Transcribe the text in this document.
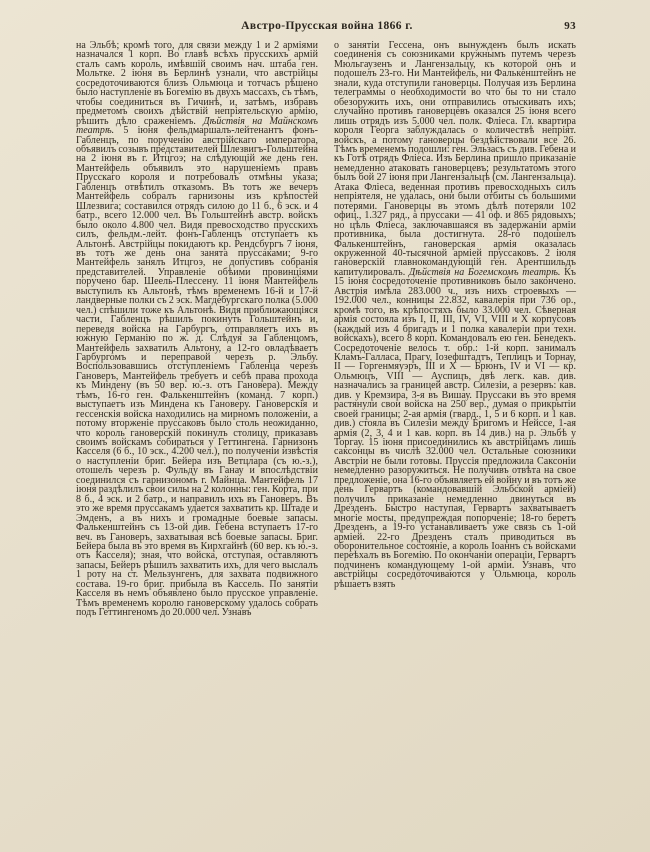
Австро-Прусская война 1866 г.	93
на Эльбѣ; кромѣ того, для связи между 1 и 2 арміями назначался 1 корп. Во главѣ всѣхъ прусскихъ армій сталъ самъ король, имѣвшій своимъ нач. штаба ген. Мольтке. 2 іюня въ Берлинѣ узнали, что австрійцы сосредоточиваются близъ Ольмюца и тотчасъ рѣшено было наступленіе въ Богемію въ двухъ массахъ, съ тѣмъ, чтобы соединиться въ Гичинѣ, и, затѣмъ, избравъ предметомъ своихъ дѣйствій непріятельскую армію, рѣшить дѣло сраженіемъ. Дѣйствія на Майнскомъ театрѣ. 5 іюня фельдмаршалъ-лейтенантъ фонъ-Габленцъ, по порученію австрійскаго императора, объявилъ созывъ представителей Шлезвигъ-Гольштейна на 2 іюня въ г. Итцгоэ; на слѣдующій же день ген. Мантейфель объявилъ это нарушеніемъ правъ Прусскаго короля и потребовалъ отмѣны указа; Габленцъ отвѣтилъ отказомъ. Въ тотъ же вечеръ Мантейфель собралъ гарнизоны изъ крѣпостей Шлезвига; составился отрядъ силою до 11 б., 6 эск. и 4 батр., всего 12.000 чел. Въ Гольштейнѣ австр. войскъ было около 4.800 чел. Видя превосходство прусскихъ силъ, фельдм.-лейт. фонъ-Габленцъ отступаетъ къ Альтонѣ. Австрійцы покидаютъ кр. Рендсбургъ 7 іюня, въ тотъ же день она занята пруссаками; 9-го Мантейфель занялъ Итцгоэ, не допустивъ собранія представителей. Управленіе обѣими провинціями поручено бар. Шеель-Плессену. 11 іюня Мантейфель выступилъ къ Альтонѣ, тѣмъ временемъ 16-й и 17-й ландверные полки съ 2 эск. Магдебургскаго полка (5.000 чел.) спѣшили тоже къ Альтонѣ. Видя приближающіяся части, Габленцъ рѣшилъ покинуть Гольштейнъ и, переведя войска на Гарбургъ, отправляетъ ихъ въ южную Германію по ж. д. Слѣдуя за Габленцомъ, Мантейфель захватилъ Альтону, а 12-го овладѣваетъ Гарбургомъ и переправой черезъ р. Эльбу. Воспользовавшись отступленіемъ Габленца черезъ Гановеръ, Мантейфель требуетъ и себѣ права прохода къ Миндену (въ 50 вер. ю.-з. отъ Гановера). Между тѣмъ, 16-го ген. Фалькенштейнъ (команд. 7 корп.) выступаетъ изъ Миндена къ Гановеру. Гановерскія и гессенскія войска находились на мирномъ положеніи, а потому вторженіе пруссаковъ было столь неожиданно, что король гановерскій покинулъ столицу, приказавъ своимъ войскамъ собираться у Геттингена. Гарнизонъ Касселя (6 б., 10 эск., 4.200 чел.), по полученіи извѣстія о наступленіи бриг. Бейера изъ Ветцлара (съ ю.-з.), отошелъ черезъ р. Фульду въ Ганау и впослѣдствіи соединился съ гарнизономъ г. Майнца. Мантейфель 17 іюня раздѣлилъ свои силы на 2 колонны: ген. Корта, при 8 б., 4 эск. и 2 батр., и направилъ ихъ въ Гановеръ. Въ это же время пруссакамъ удается захватить кр. Штаде и Эмденъ, а въ нихъ и громадные боевые запасы. Фалькенштейнъ съ 13-ой див. Гебена вступаетъ 17-го веч. въ Гановеръ, захватывая всѣ боевые запасы. Бриг. Бейера была въ это время въ Кирхгайнѣ (60 вер. къ ю.-з. отъ Касселя); зная, что войска, отступая, оставляютъ запасы, Бейеръ рѣшилъ захватить ихъ, для чего выслалъ 1 роту на ст. Мельзунгенъ, для захвата подвижного состава. 19-го бриг. прибыла въ Кассель. По занятіи Касселя въ немъ объявлено было прусское управленіе. Тѣмъ временемъ королю гановерскому удалось собрать подъ Геттингеномъ до 20.000 чел. Узнавъ
о занятіи Гессена, онъ вынужденъ былъ искать соединенія съ союзниками кружнымъ путемъ черезъ Мюльгаузенъ и Лангензальцу, къ которой онъ и подошелъ 23-го. Ни Мантейфель, ни Фалькенштейнъ не знали, куда отступили гановерцы. Получая изъ Берлина телеграммы о необходимости во что бы то ни стало обезоружить ихъ, они отправились отыскивать ихъ; случайно противъ гановерцевъ оказался 25 іюня всего лишь отрядъ изъ 5.000 чел. полк. Фліеса. Гл. квартира короля Георга заблуждалась о количествѣ непріят. войскъ, а потому гановерцы бездѣйствовали все 26. Тѣмъ временемъ подошли: ген. Эльзасъ съ див. Гебена и къ Готѣ отрядъ Фліеса. Изъ Берлина пришло приказаніе немедленно атаковать гановерцевъ; результатомъ этого былъ бой 27 іюня при Лангензальцѣ (см. Лангензальца). Атака Фліеса, веденная противъ превосходныхъ силъ непріятеля, не удалась, они были отбиты съ большими потерями. Гановерцы въ этомъ дѣлѣ потеряли 102 офиц., 1.327 ряд., а пруссаки — 41 оф. и 865 рядовыхъ; но цѣль Фліеса, заключавшаяся въ задержаніи арміи противника, была достигнута. 28-го подошелъ Фалькенштейнъ, гановерская армія оказалась окруженной 40-тысячной арміей пруссаковъ. 2 іюля гановерскій главнокомандующій ген. Арентшильдъ капитулировалъ. Дѣйствія на Богемскомъ театрѣ. Къ 15 іюня сосредоточеніе противниковъ было закончено. Австрія имѣла 283.000 ч., изъ нихъ строевыхъ — 192.000 чел., конницы 22.832, кавалерія при 736 ор., кромѣ того, въ крѣпостяхъ было 33.000 чел. Сѣверная армія состояла изъ I, II, III, IV, VI, VIII и X корпусовъ (каждый изъ 4 бригадъ и 1 полка кавалеріи при техн. войскахъ), всего 8 корп. Командовалъ ею ген. Бенедекъ. Сосредоточеніе велось т. обр.: 1-й корп. занималъ Кламъ-Галласа, Прагу, Іозефштадтъ, Теплицъ и Торнау, II — Горгенмяуэръ, III и X — Брюнъ, IV и VI — кр. Ольмюцъ, VIII — Ауспицъ, двѣ легк. кав. див. назначались за границей австр. Силезіи, а резервъ: кав. див. у Кремзира, 3-я въ Вишау. Пруссаки въ это время растянули свои войска на 250 вер., думая о прикрытіи своей границы; 2-ая армія (гвард., 1, 5 и 6 корп. и 1 кав. див.) стояла въ Силезіи между Бригомъ и Нейссе, 1-ая армія (2, 3, 4 и 1 кав. корп. въ 14 див.) на р. Эльбѣ у Торгау. 15 іюня присоединились къ австрійцамъ лишь саксонцы въ числѣ 32.000 чел. Остальные союзники Австріи не были готовы. Пруссія предложила Саксоніи немедленно разоружиться. Не получивъ отвѣта на свое предложеніе, она 16-го объявляетъ ей войну и въ тотъ же день Гервартъ (командовавшій Эльбской арміей) получилъ приказаніе немедленно двинуться въ Дрезденъ. Быстро наступая, Гервартъ захватываетъ многіе мосты, предупреждая попорченіе; 18-го беретъ Дрезденъ, а 19-го устанавливаетъ уже связь съ 1-ой арміей. 22-го Дрезденъ сталъ приводиться въ оборонительное состояніе, а король Іоаннъ съ войсками переѣхалъ въ Богемію. По окончаніи операціи, Гервартъ подчиненъ командующему 1-ой арміи. Узнавъ, что австрійцы сосредоточиваются у Ольмюца, король рѣшаетъ взять
